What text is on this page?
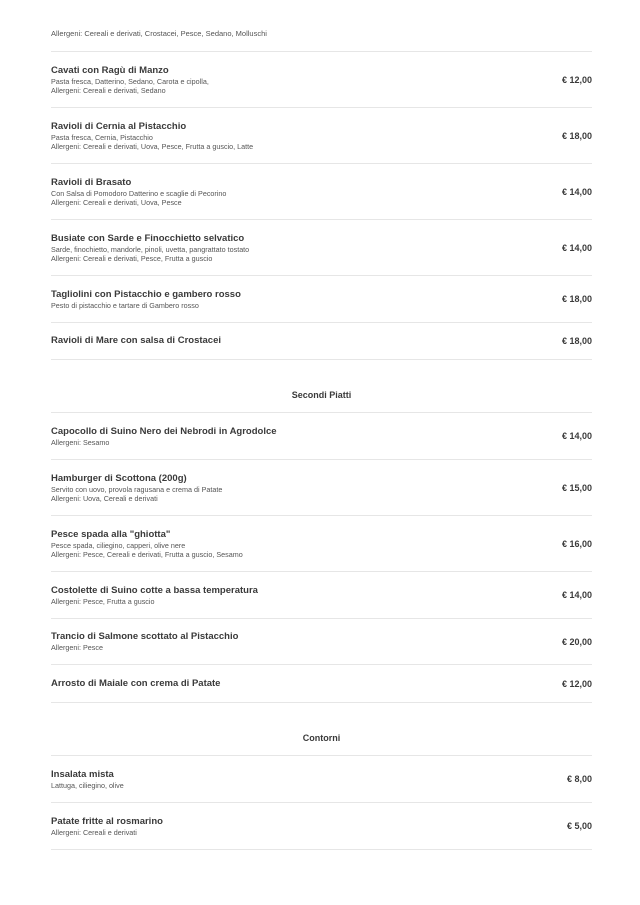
Allergeni: Cereali e derivati, Crostacei, Pesce, Sedano, Molluschi
Cavati con Ragù di Manzo
Pasta fresca, Datterino, Sedano, Carota e cipolla,
Allergeni: Cereali e derivati, Sedano
€ 12,00
Ravioli di Cernia al Pistacchio
Pasta fresca, Cernia, Pistacchio
Allergeni: Cereali e derivati, Uova, Pesce, Frutta a guscio, Latte
€ 18,00
Ravioli di Brasato
Con Salsa di Pomodoro Datterino e scaglie di Pecorino
Allergeni: Cereali e derivati, Uova, Pesce
€ 14,00
Busiate con Sarde e Finocchietto selvatico
Sarde, finochietto, mandorle, pinoli, uvetta, pangrattato tostato
Allergeni: Cereali e derivati, Pesce, Frutta a guscio
€ 14,00
Tagliolini con Pistacchio e gambero rosso
Pesto di pistacchio e tartare di Gambero rosso
€ 18,00
Ravioli di Mare con salsa di Crostacei	€ 18,00
Secondi Piatti
Capocollo di Suino Nero dei Nebrodi in Agrodolce
Allergeni: Sesamo
€ 14,00
Hamburger di Scottona (200g)
Servito con uovo, provola ragusana e crema di Patate
Allergeni: Uova, Cereali e derivati
€ 15,00
Pesce spada alla "ghiotta"
Pesce spada, ciliegino, capperi, olive nere
Allergeni: Pesce, Cereali e derivati, Frutta a guscio, Sesamo
€ 16,00
Costolette di Suino cotte a bassa temperatura
Allergeni: Pesce, Frutta a guscio
€ 14,00
Trancio di Salmone scottato al Pistacchio
Allergeni: Pesce
€ 20,00
Arrosto di Maiale con crema di Patate	€ 12,00
Contorni
Insalata mista
Lattuga, ciliegino, olive
€ 8,00
Patate fritte al rosmarino
Allergeni: Cereali e derivati
€ 5,00
